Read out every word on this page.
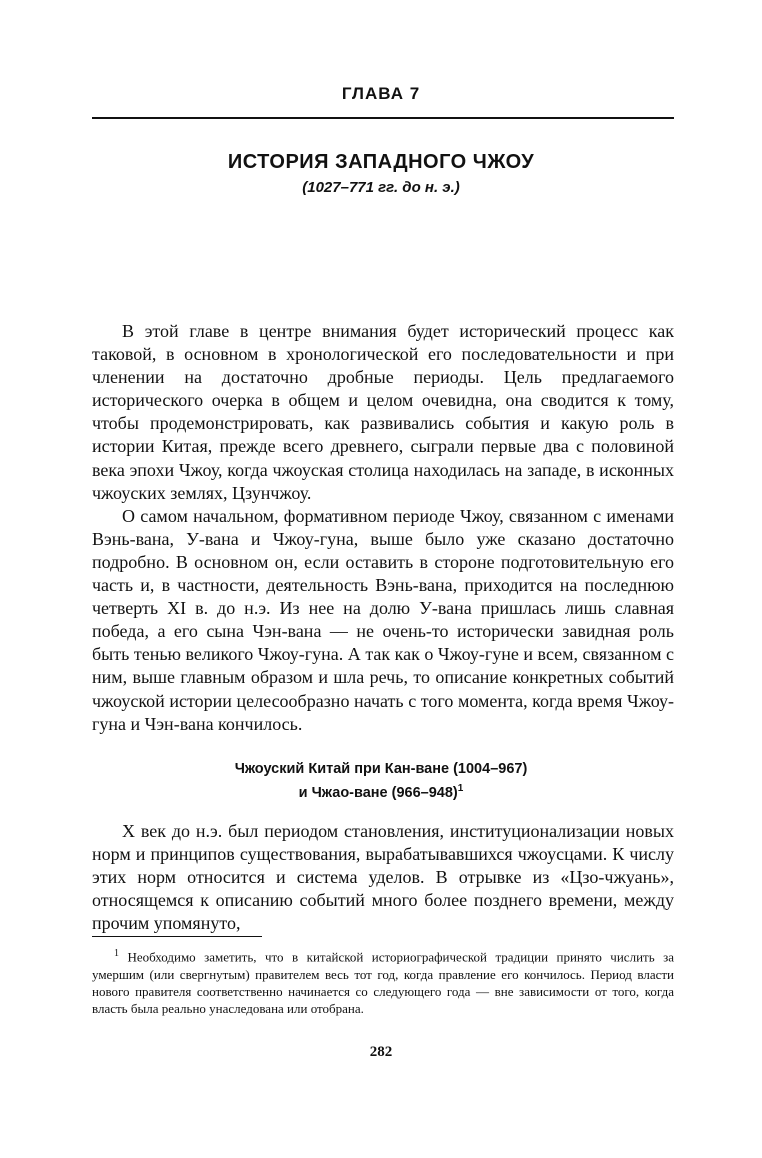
ГЛАВА 7
ИСТОРИЯ ЗАПАДНОГО ЧЖОУ
(1027–771 гг. до н. э.)

В этой главе в центре внимания будет исторический процесс как таковой, в основном в хронологической его последовательности и при членении на достаточно дробные периоды. Цель предлагаемого исторического очерка в общем и целом очевидна, она сводится к тому, чтобы продемонстрировать, как развивались события и какую роль в истории Китая, прежде всего древнего, сыграли первые два с половиной века эпохи Чжоу, когда чжоуская столица находилась на западе, в исконных чжоуских землях, Цзунчжоу.

О самом начальном, формативном периоде Чжоу, связанном с именами Вэнь-вана, У-вана и Чжоу-гуна, выше было уже сказано достаточно подробно. В основном он, если оставить в стороне подготовительную его часть и, в частности, деятельность Вэнь-вана, приходится на последнюю четверть XI в. до н.э. Из нее на долю У-вана пришлась лишь славная победа, а его сына Чэн-вана — не очень-то исторически завидная роль быть тенью великого Чжоу-гуна. А так как о Чжоу-гуне и всем, связанном с ним, выше главным образом и шла речь, то описание конкретных событий чжоуской истории целесообразно начать с того момента, когда время Чжоу-гуна и Чэн-вана кончилось.

Чжоуский Китай при Кан-ване (1004–967)
и Чжао-ване $(966-948)^1$

X век до н.э. был периодом становления, институционализации новых норм и принципов существования, вырабатывавшихся чжоусцами. К числу этих норм относится и система уделов. В отрывке из «Цзо-чжуань», относящемся к описанию событий много более позднего времени, между прочим упомянуто,

$^1$ Необходимо заметить, что в китайской историографической традиции принято числить за умершим (или свергнутым) правителем весь тот год, когда правление его кончилось. Период власти нового правителя соответственно начинается со следующего года — вне зависимости от того, когда власть была реально унаследована или отобрана.

282
